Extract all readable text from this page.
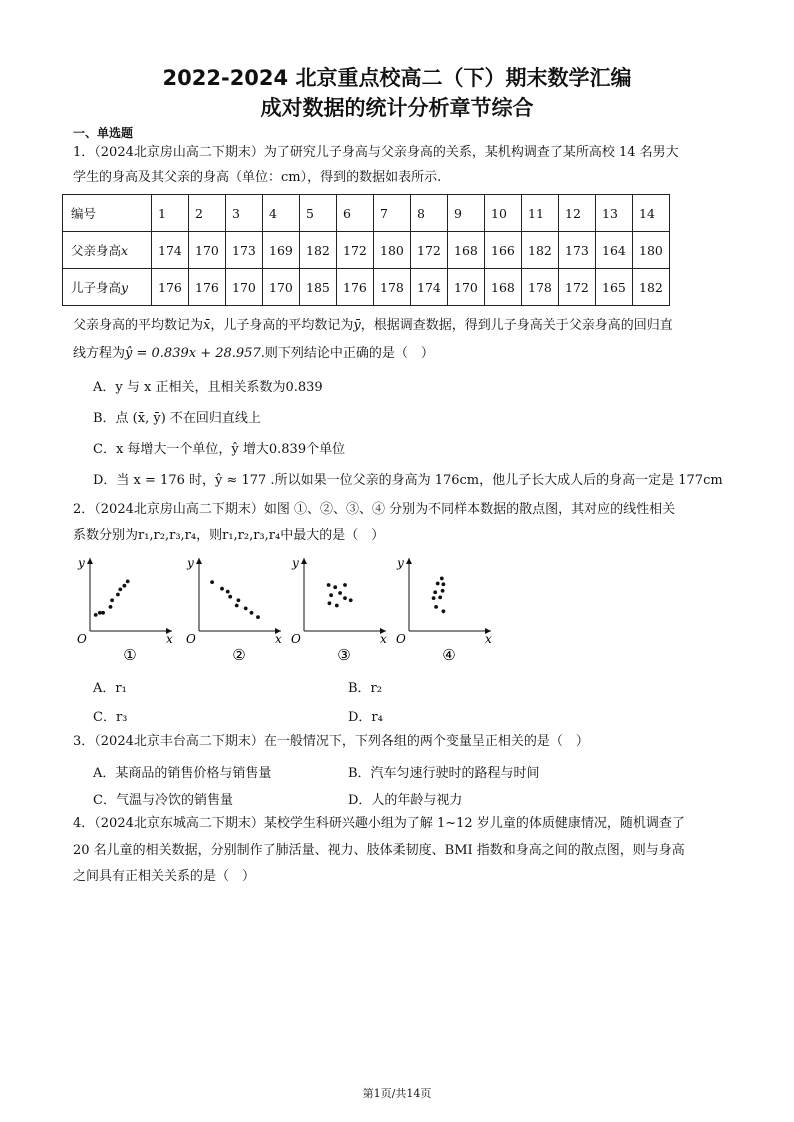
2022-2024 北京重点校高二（下）期末数学汇编
成对数据的统计分析章节综合
一、单选题
1．（2024北京房山高二下期末）为了研究儿子身高与父亲身高的关系，某机构调查了某所高校 14 名男大
学生的身高及其父亲的身高（单位：cm），得到的数据如表所示.
编号	1	2	3	4	5	6	7	8	9	10	11	12	13	14
父亲身高x	174	170	173	169	182	172	180	172	168	166	182	173	164	180
儿子身高y	176	176	170	170	185	176	178	174	170	168	178	172	165	182
父亲身高的平均数记为x̄，儿子身高的平均数记为ȳ，根据调查数据，得到儿子身高关于父亲身高的回归直
线方程为ŷ = 0.839x + 28.957.则下列结论中正确的是（　）
A．y 与 x 正相关，且相关系数为0.839
B．点 (x̄, ȳ) 不在回归直线上
C．x 每增大一个单位，ŷ 增大0.839个单位
D．当 x = 176 时，ŷ ≈ 177 .所以如果一位父亲的身高为 176cm，他儿子长大成人后的身高一定是 177cm
2．（2024北京房山高二下期末）如图 ①、②、③、④ 分别为不同样本数据的散点图，其对应的线性相关
系数分别为r₁,r₂,r₃,r₄，则r₁,r₂,r₃,r₄中最大的是（　）
y
x
O
①
y
x
O
②
y
x
O
③
y
x
O
④
A．r₁	B．r₂
C．r₃	D．r₄
3．（2024北京丰台高二下期末）在一般情况下，下列各组的两个变量呈正相关的是（　）
A．某商品的销售价格与销售量	B．汽车匀速行驶时的路程与时间
C．气温与冷饮的销售量	D．人的年龄与视力
4．（2024北京东城高二下期末）某校学生科研兴趣小组为了解 1~12 岁儿童的体质健康情况，随机调查了
20 名儿童的相关数据，分别制作了肺活量、视力、肢体柔韧度、BMI 指数和身高之间的散点图，则与身高
之间具有正相关关系的是（　）
第1页/共14页
